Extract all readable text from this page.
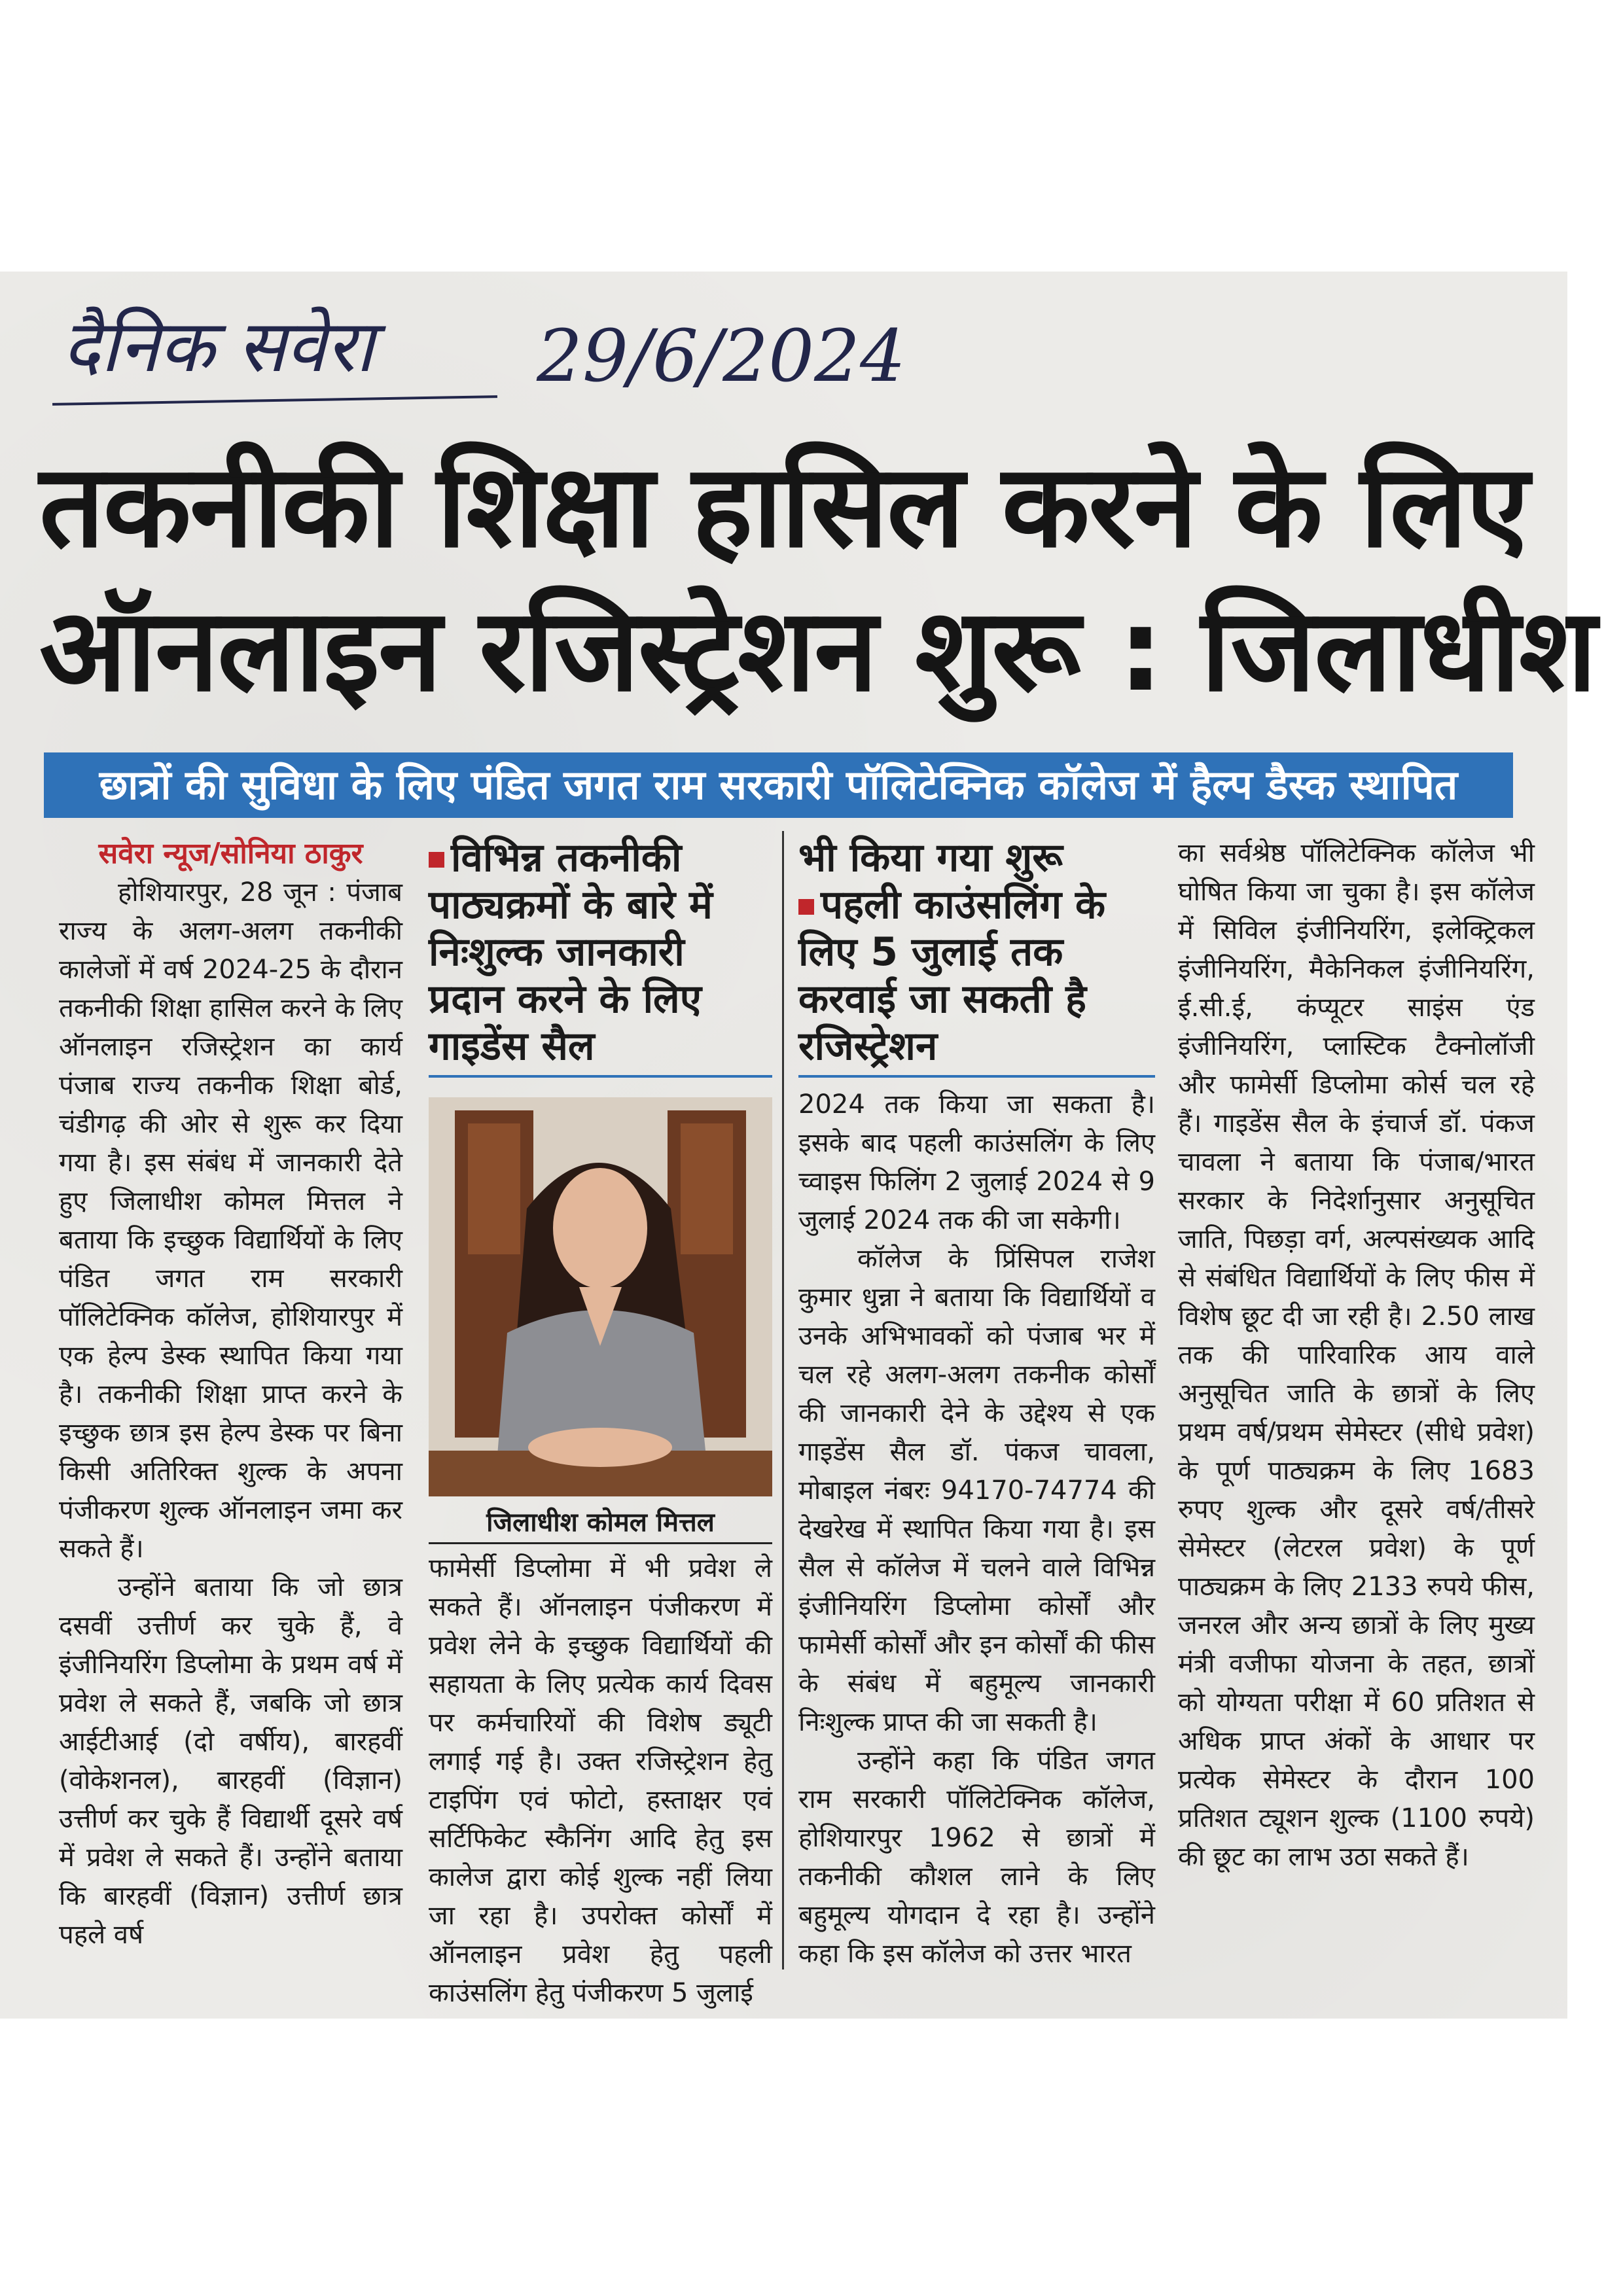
दैनिक सवेरा 29/6/2024
तकनीकी शिक्षा हासिल करने के लिए
ऑनलाइन रजिस्ट्रेशन शुरू : जिलाधीश
छात्रों की सुविधा के लिए पंडित जगत राम सरकारी पॉलिटेक्निक कॉलेज में हैल्प डैस्क स्थापित
सवेरा न्यूज/सोनिया ठाकुर

होशियारपुर, 28 जून : पंजाब राज्य के अलग-अलग तकनीकी कालेजों में वर्ष 2024-25 के दौरान तकनीकी शिक्षा हासिल करने के लिए ऑनलाइन रजिस्ट्रेशन का कार्य पंजाब राज्य तकनीक शिक्षा बोर्ड, चंडीगढ़ की ओर से शुरू कर दिया गया है। इस संबंध में जानकारी देते हुए जिलाधीश कोमल मित्तल ने बताया कि इच्छुक विद्यार्थियों के लिए पंडित जगत राम सरकारी पॉलिटेक्निक कॉलेज, होशियारपुर में एक हेल्प डेस्क स्थापित किया गया है। तकनीकी शिक्षा प्राप्त करने के इच्छुक छात्र इस हेल्प डेस्क पर बिना किसी अतिरिक्त शुल्क के अपना पंजीकरण शुल्क ऑनलाइन जमा कर सकते हैं।

उन्होंने बताया कि जो छात्र दसवीं उत्तीर्ण कर चुके हैं, वे इंजीनियरिंग डिप्लोमा के प्रथम वर्ष में प्रवेश ले सकते हैं, जबकि जो छात्र आईटीआई (दो वर्षीय), बारहवीं (वोकेशनल), बारहवीं (विज्ञान) उत्तीर्ण कर चुके हैं विद्यार्थी दूसरे वर्ष में प्रवेश ले सकते हैं। उन्होंने बताया कि बारहवीं (विज्ञान) उत्तीर्ण छात्र पहले वर्ष

विभिन्न तकनीकी पाठ्यक्रमों के बारे में निःशुल्क जानकारी प्रदान करने के लिए गाइडेंस सैल
जिलाधीश कोमल मित्तल

फामेर्सी डिप्लोमा में भी प्रवेश ले सकते हैं। ऑनलाइन पंजीकरण में प्रवेश लेने के इच्छुक विद्यार्थियों की सहायता के लिए प्रत्येक कार्य दिवस पर कर्मचारियों की विशेष ड्यूटी लगाई गई है। उक्त रजिस्ट्रेशन हेतु टाइपिंग एवं फोटो, हस्ताक्षर एवं सर्टिफिकेट स्कैनिंग आदि हेतु इस कालेज द्वारा कोई शुल्क नहीं लिया जा रहा है। उपरोक्त कोर्सों में ऑनलाइन प्रवेश हेतु पहली काउंसलिंग हेतु पंजीकरण 5 जुलाई

भी किया गया शुरू
पहली काउंसलिंग के लिए 5 जुलाई तक करवाई जा सकती है रजिस्ट्रेशन

2024 तक किया जा सकता है। इसके बाद पहली काउंसलिंग के लिए च्वाइस फिलिंग 2 जुलाई 2024 से 9 जुलाई 2024 तक की जा सकेगी।

कॉलेज के प्रिंसिपल राजेश कुमार धुन्ना ने बताया कि विद्यार्थियों व उनके अभिभावकों को पंजाब भर में चल रहे अलग-अलग तकनीक कोर्सों की जानकारी देने के उद्देश्य से एक गाइडेंस सैल डॉ. पंकज चावला, मोबाइल नंबरः 94170-74774 की देखरेख में स्थापित किया गया है। इस सैल से कॉलेज में चलने वाले विभिन्न इंजीनियरिंग डिप्लोमा कोर्सों और फामेर्सी कोर्सों और इन कोर्सों की फीस के संबंध में बहुमूल्य जानकारी निःशुल्क प्राप्त की जा सकती है।

उन्होंने कहा कि पंडित जगत राम सरकारी पॉलिटेक्निक कॉलेज, होशियारपुर 1962 से छात्रों में तकनीकी कौशल लाने के लिए बहुमूल्य योगदान दे रहा है। उन्होंने कहा कि इस कॉलेज को उत्तर भारत

का सर्वश्रेष्ठ पॉलिटेक्निक कॉलेज भी घोषित किया जा चुका है। इस कॉलेज में सिविल इंजीनियरिंग, इलेक्ट्रिकल इंजीनियरिंग, मैकेनिकल इंजीनियरिंग, ई.सी.ई, कंप्यूटर साइंस एंड इंजीनियरिंग, प्लास्टिक टैक्नोलॉजी और फामेर्सी डिप्लोमा कोर्स चल रहे हैं। गाइडेंस सैल के इंचार्ज डॉ. पंकज चावला ने बताया कि पंजाब/भारत सरकार के निदेर्शानुसार अनुसूचित जाति, पिछड़ा वर्ग, अल्पसंख्यक आदि से संबंधित विद्यार्थियों के लिए फीस में विशेष छूट दी जा रही है। 2.50 लाख तक की पारिवारिक आय वाले अनुसूचित जाति के छात्रों के लिए प्रथम वर्ष/प्रथम सेमेस्टर (सीधे प्रवेश) के पूर्ण पाठ्यक्रम के लिए 1683 रुपए शुल्क और दूसरे वर्ष/तीसरे सेमेस्टर (लेटरल प्रवेश) के पूर्ण पाठ्यक्रम के लिए 2133 रुपये फीस, जनरल और अन्य छात्रों के लिए मुख्य मंत्री वजीफा योजना के तहत, छात्रों को योग्यता परीक्षा में 60 प्रतिशत से अधिक प्राप्त अंकों के आधार पर प्रत्येक सेमेस्टर के दौरान 100 प्रतिशत ट्यूशन शुल्क (1100 रुपये) की छूट का लाभ उठा सकते हैं।
